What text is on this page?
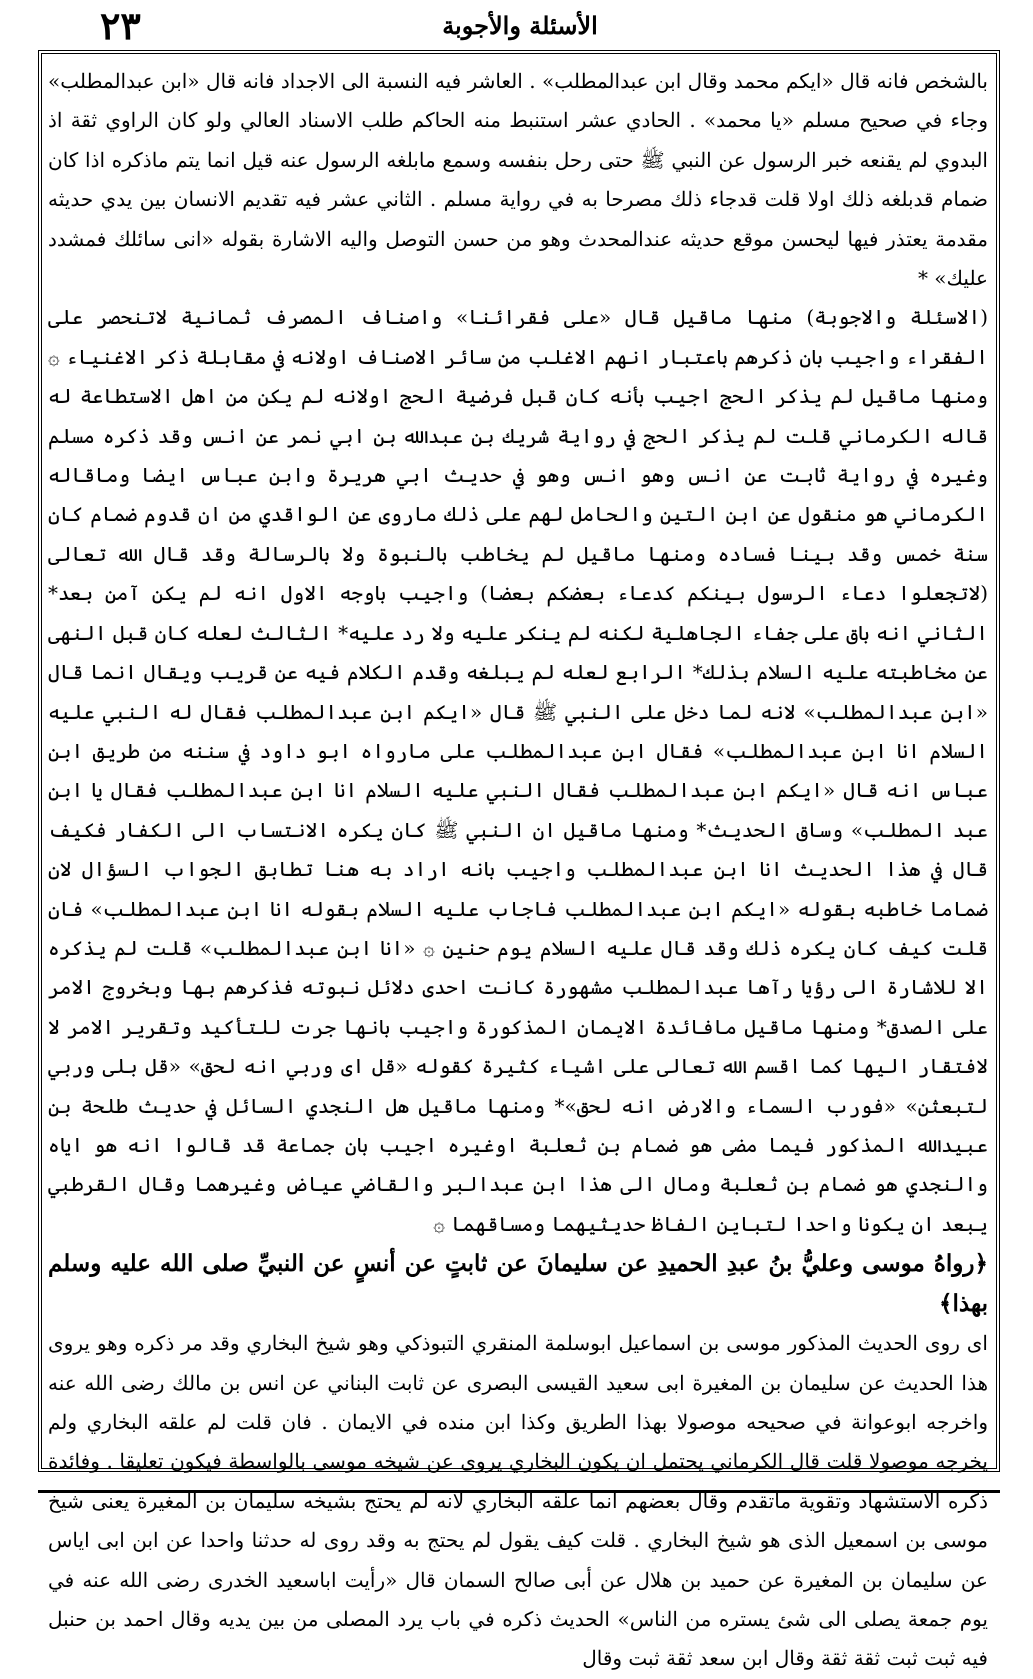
٢٣	الأسئلة والأجوبة

بالشخص فانه قال «ايكم محمد وقال ابن عبدالمطلب» . العاشر فيه النسبة الى الاجداد فانه قال «ابن عبدالمطلب» وجاء في صحيح مسلم «يا محمد» . الحادي عشر استنبط منه الحاكم طلب الاسناد العالي ولو كان الراوي ثقة اذ البدوي لم يقنعه خبر الرسول عن النبي ﷺ حتى رحل بنفسه وسمع مابلغه الرسول عنه قيل انما يتم ماذكره اذا كان ضمام قدبلغه ذلك اولا قلت قدجاء ذلك مصرحا به في رواية مسلم . الثاني عشر فيه تقديم الانسان بين يدي حديثه مقدمة يعتذر فيها ليحسن موقع حديثه عندالمحدث وهو من حسن التوصل واليه الاشارة بقوله «انى سائلك فمشدد عليك» *

(الاسئلة والاجوبة) منها ماقيل قال «على فقرائنا» واصناف المصرف ثمانية لاتنحصر على الفقراء واجيب بان ذكرهم باعتبار انهم الاغلب من سائر الاصناف اولانه في مقابلة ذكر الاغنياء ۞ ومنها ماقيل لم يذكر الحج اجيب بأنه كان قبل فرضية الحج اولانه لم يكن من اهل الاستطاعة له قاله الكرماني قلت لم يذكر الحج في رواية شريك بن عبدالله بن ابي نمر عن انس وقد ذكره مسلم وغيره في رواية ثابت عن انس وهو انس وهو في حديث ابي هريرة وابن عباس ايضا وماقاله الكرماني هو منقول عن ابن التين والحامل لهم على ذلك ماروى عن الواقدي من ان قدوم ضمام كان سنة خمس وقد بينا فساده ومنها ماقيل لم يخاطب بالنبوة ولا بالرسالة وقد قال الله تعالى (لاتجعلوا دعاء الرسول بينكم كدعاء بعضكم بعضا) واجيب باوجه الاول انه لم يكن آمن بعد* الثاني انه باق على جفاء الجاهلية لكنه لم ينكر عليه ولا رد عليه* الثالث لعله كان قبل النهى عن مخاطبته عليه السلام بذلك* الرابع لعله لم يبلغه وقدم الكلام فيه عن قريب ويقال انما قال «ابن عبدالمطلب» لانه لما دخل على النبي ﷺ قال «ايكم ابن عبدالمطلب فقال له النبي عليه السلام انا ابن عبدالمطلب» فقال ابن عبدالمطلب على مارواه ابو داود في سننه من طريق ابن عباس انه قال «ايكم ابن عبدالمطلب فقال النبي عليه السلام انا ابن عبدالمطلب فقال يا ابن عبد المطلب» وساق الحديث* ومنها ماقيل ان النبي ﷺ كان يكره الانتساب الى الكفار فكيف قال في هذا الحديث انا ابن عبدالمطلب واجيب بانه اراد به هنا تطابق الجواب السؤال لان ضماما خاطبه بقوله «ايكم ابن عبدالمطلب فاجاب عليه السلام بقوله انا ابن عبدالمطلب» فان قلت كيف كان يكره ذلك وقد قال عليه السلام يوم حنين ۞ «انا ابن عبدالمطلب» قلت لم يذكره الا للاشارة الى رؤيا رآها عبدالمطلب مشهورة كانت احدى دلائل نبوته فذكرهم بها وبخروج الامر على الصدق* ومنها ماقيل مافائدة الايمان المذكورة واجيب بانها جرت للتأكيد وتقرير الامر لا لافتقار اليها كما اقسم الله تعالى على اشياء كثيرة كقوله «قل اى وربي انه لحق» «قل بلى وربي لتبعثن» «فورب السماء والارض انه لحق»* ومنها ماقيل هل النجدي السائل في حديث طلحة بن عبيدالله المذكور فيما مضى هو ضمام بن ثعلبة اوغيره اجيب بان جماعة قد قالوا انه هو اياه والنجدي هو ضمام بن ثعلبة ومال الى هذا ابن عبدالبر والقاضي عياض وغيرهما وقال القرطبي يبعد ان يكونا واحدا لتباين الفاظ حديثيهما ومساقهما ۞

﴿رواهُ موسى وعليُّ بنُ عبدِ الحميدِ عن سليمانَ عن ثابتٍ عن أنسٍ عن النبيِّ صلى الله عليه وسلم بهذا﴾

اى روى الحديث المذكور موسى بن اسماعيل ابوسلمة المنقري التبوذكي وهو شيخ البخاري وقد مر ذكره وهو يروى هذا الحديث عن سليمان بن المغيرة ابى سعيد القيسى البصرى عن ثابت البناني عن انس بن مالك رضى الله عنه واخرجه ابوعوانة في صحيحه موصولا بهذا الطريق وكذا ابن منده في الايمان . فان قلت لم علقه البخاري ولم يخرجه موصولا قلت قال الكرماني يحتمل ان يكون البخاري يروى عن شيخه موسى بالواسطة فيكون تعليقا . وفائدة ذكره الاستشهاد وتقوية ماتقدم وقال بعضهم انما علقه البخاري لانه لم يحتج بشيخه سليمان بن المغيرة يعنى شيخ موسى بن اسمعيل الذى هو شيخ البخاري . قلت كيف يقول لم يحتج به وقد روى له حدثنا واحدا عن ابن ابى اياس عن سليمان بن المغيرة عن حميد بن هلال عن أبى صالح السمان قال «رأيت اباسعيد الخدرى رضى الله عنه في يوم جمعة يصلى الى شئ يستره من الناس» الحديث ذكره في باب يرد المصلى من بين يديه وقال احمد بن حنبل فيه ثبت ثبت ثقة ثقة وقال ابن سعد ثقة ثبت وقال
